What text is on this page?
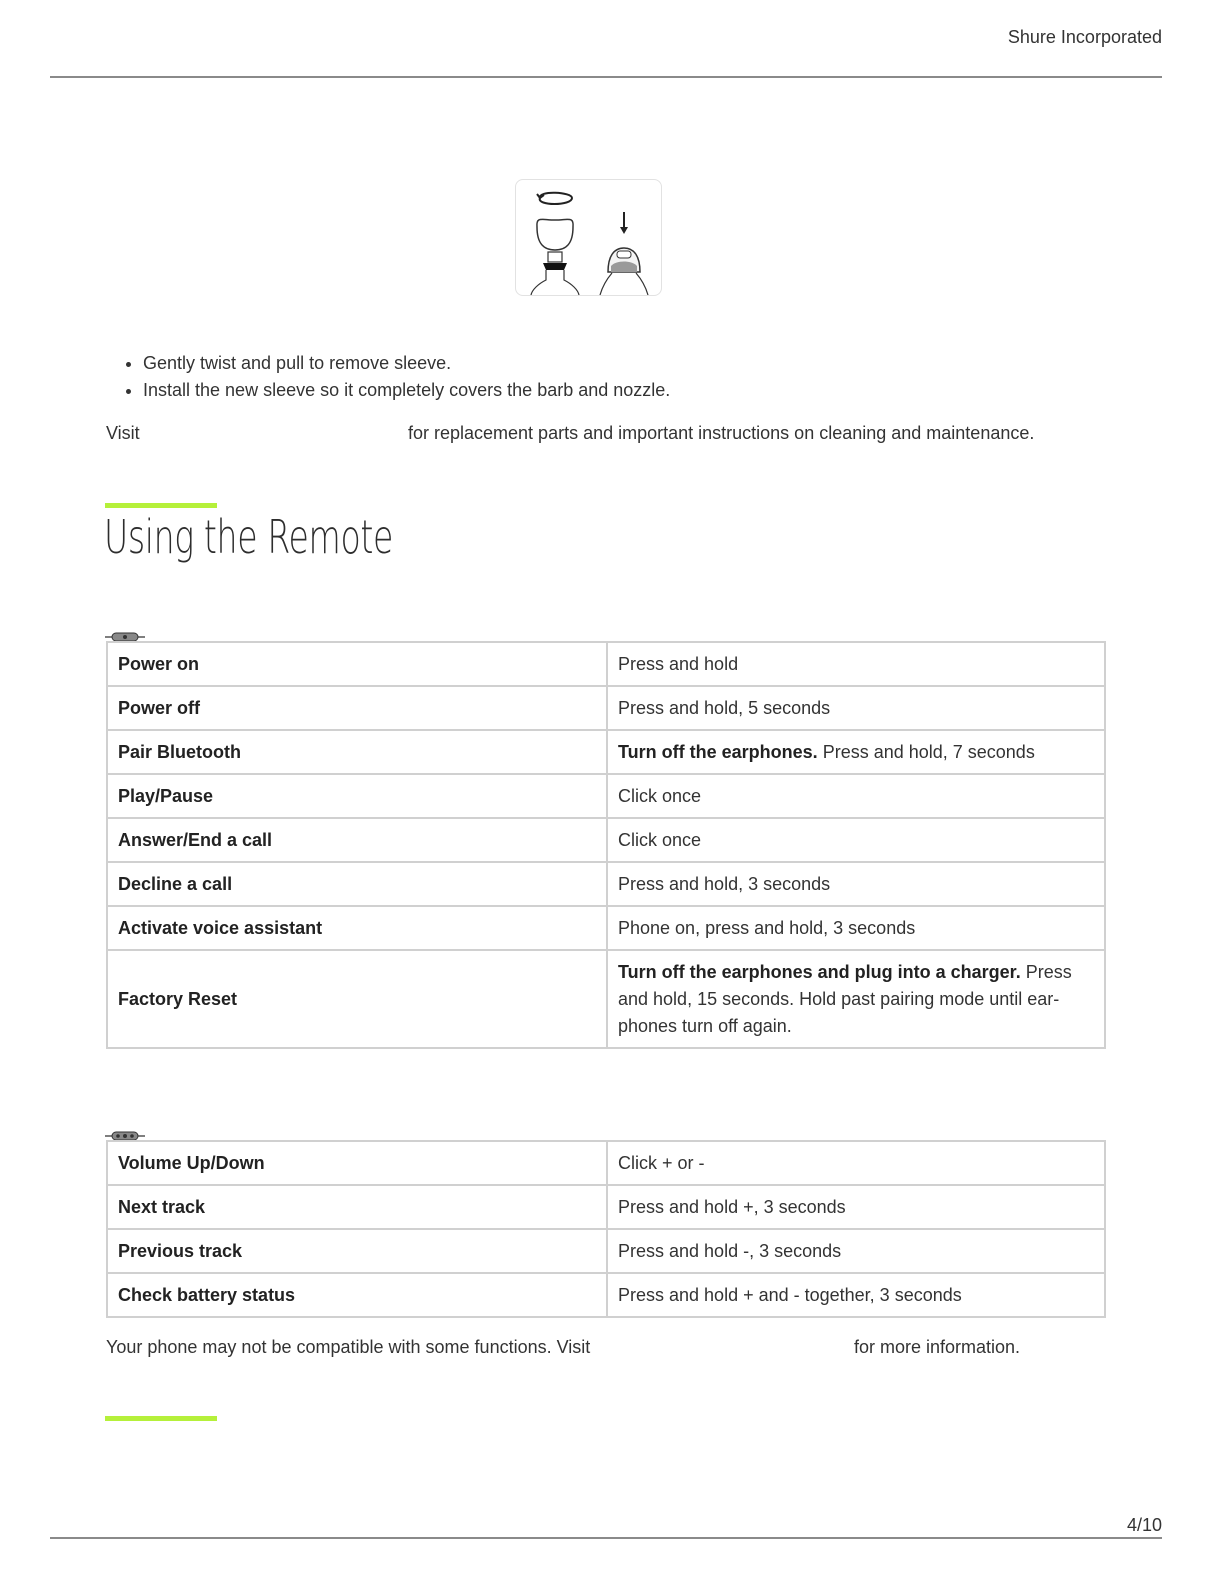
Shure Incorporated
• Gently twist and pull to remove sleeve.
• Install the new sleeve so it completely covers the barb and nozzle.
Visit	for replacement parts and important instructions on cleaning and maintenance.
Using the Remote
Power on	Press and hold
Power off	Press and hold, 5 seconds
Pair Bluetooth	Turn off the earphones. Press and hold, 7 seconds
Play/Pause	Click once
Answer/End a call	Click once
Decline a call	Press and hold, 3 seconds
Activate voice assistant	Phone on, press and hold, 3 seconds
Factory Reset	Turn off the earphones and plug into a charger. Press and hold, 15 seconds. Hold past pairing mode until ear-phones turn off again.
Volume Up/Down	Click + or -
Next track	Press and hold +, 3 seconds
Previous track	Press and hold -, 3 seconds
Check battery status	Press and hold + and - together, 3 seconds
Your phone may not be compatible with some functions. Visit	for more information.
4/10
